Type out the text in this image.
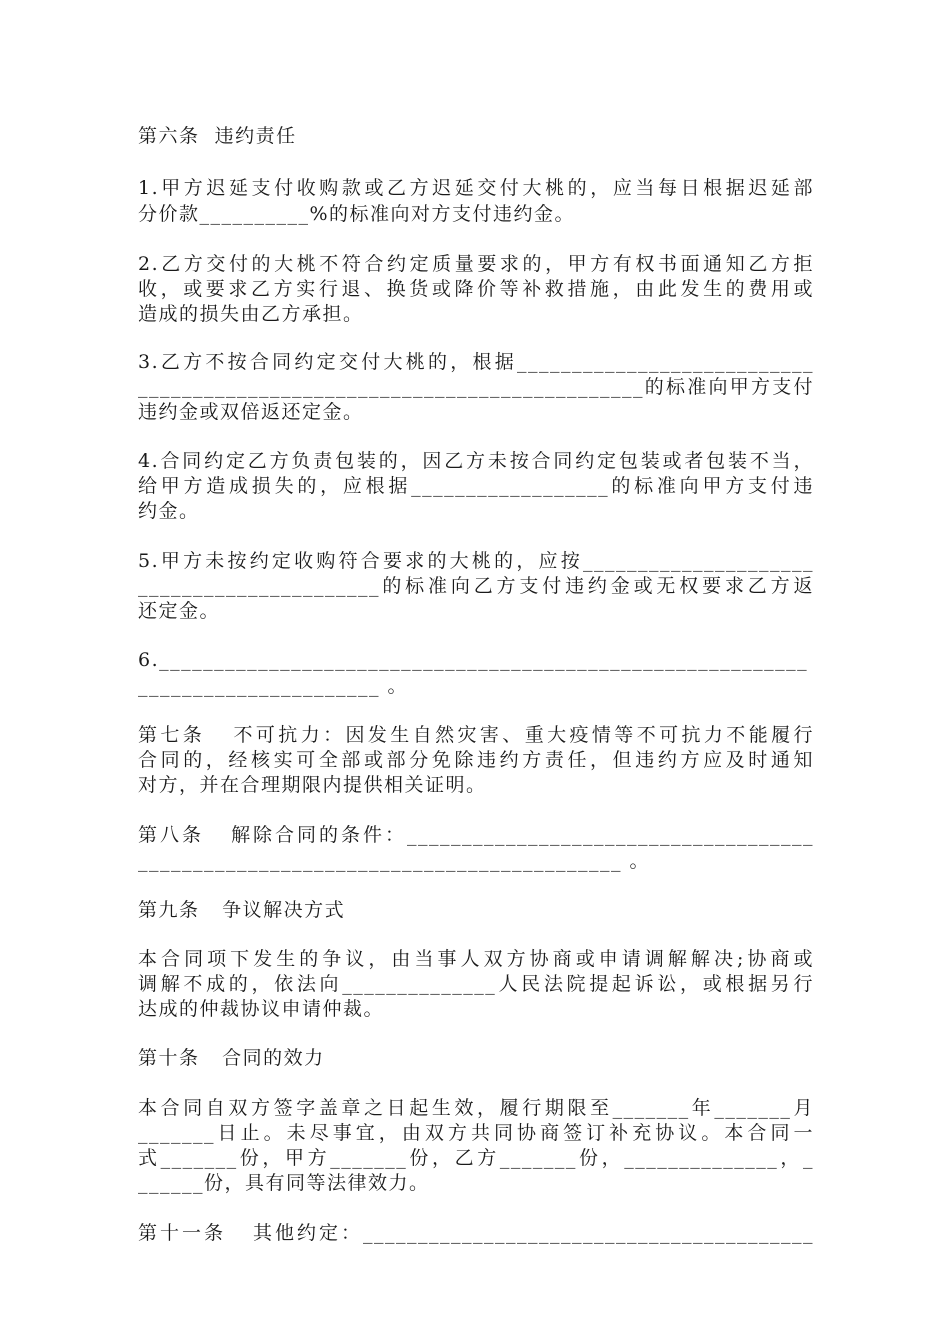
第六条  违约责任
1.甲方迟延支付收购款或乙方迟延交付大桃的，应当每日根据迟延部
分价款__________%的标准向对方支付违约金。
2.乙方交付的大桃不符合约定质量要求的，甲方有权书面通知乙方拒
收，或要求乙方实行退、换货或降价等补救措施，由此发生的费用或
造成的损失由乙方承担。
3.乙方不按合同约定交付大桃的，根据___________________________
______________________________________________的标准向甲方支付
违约金或双倍返还定金。
4.合同约定乙方负责包装的，因乙方未按合同约定包装或者包装不当，
给甲方造成损失的，应根据__________________的标准向甲方支付违
约金。
5.甲方未按约定收购符合要求的大桃的，应按_____________________
______________________的标准向乙方支付违约金或无权要求乙方返
还定金。
6.___________________________________________________________
______________________ 。
第七条   不可抗力：因发生自然灾害、重大疫情等不可抗力不能履行
合同的，经核实可全部或部分免除违约方责任，但违约方应及时通知
对方，并在合理期限内提供相关证明。
第八条   解除合同的条件：_____________________________________
____________________________________________ 。
第九条   争议解决方式
本合同项下发生的争议，由当事人双方协商或申请调解解决;协商或
调解不成的，依法向______________人民法院提起诉讼，或根据另行
达成的仲裁协议申请仲裁。
第十条   合同的效力
本合同自双方签字盖章之日起生效，履行期限至_______年_______月
_______日止。未尽事宜，由双方共同协商签订补充协议。本合同一
式_______份，甲方_______份，乙方_______份，______________，_
______份，具有同等法律效力。
第十一条   其他约定：_________________________________________
